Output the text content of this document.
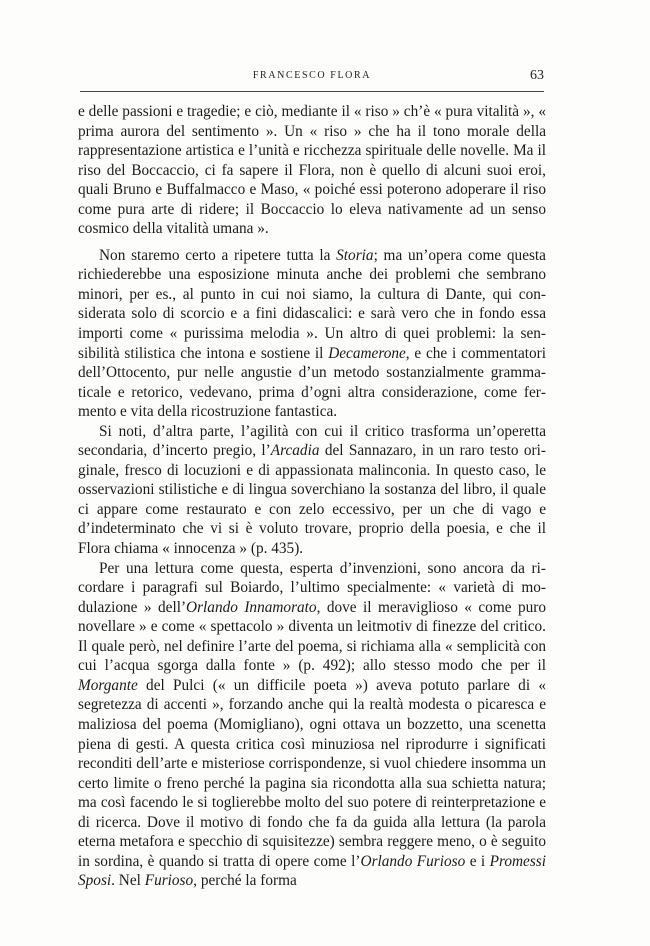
FRANCESCO FLORA	63

e delle passioni e tragedie; e ciò, mediante il « riso » ch’è « pura vitalità », « prima aurora del sentimento ». Un « riso » che ha il tono morale della rappresentazione artistica e l’unità e ricchezza spirituale delle novelle. Ma il riso del Boccaccio, ci fa sapere il Flora, non è quello di alcuni suoi eroi, quali Bruno e Buffalmacco e Maso, « poiché essi poterono adoperare il riso come pura arte di ridere; il Boccaccio lo eleva nativamente ad un senso cosmico della vitalità umana ».

Non staremo certo a ripetere tutta la Storia; ma un’opera come questa richiederebbe una esposizione minuta anche dei problemi che sembrano minori, per es., al punto in cui noi siamo, la cultura di Dante, qui considerata solo di scorcio e a fini didascalici: e sarà vero che in fondo essa importi come « purissima melodia ». Un altro di quei problemi: la sensibilità stilistica che intona e sostiene il Decamerone, e che i commentatori dell’Ottocento, pur nelle angustie d’un metodo sostanzialmente grammaticale e retorico, vedevano, prima d’ogni altra considerazione, come fermento e vita della ricostruzione fantastica.

Si noti, d’altra parte, l’agilità con cui il critico trasforma un’operetta secondaria, d’incerto pregio, l’Arcadia del Sannazaro, in un raro testo originale, fresco di locuzioni e di appassionata malinconia. In questo caso, le osservazioni stilistiche e di lingua soverchiano la sostanza del libro, il quale ci appare come restaurato e con zelo eccessivo, per un che di vago e d’indeterminato che vi si è voluto trovare, proprio della poesia, e che il Flora chiama « innocenza » (p. 435).

Per una lettura come questa, esperta d’invenzioni, sono ancora da ricordare i paragrafi sul Boiardo, l’ultimo specialmente: « varietà di modulazione » dell’Orlando Innamorato, dove il meraviglioso « come puro novellare » e come « spettacolo » diventa un leitmotiv di finezze del critico. Il quale però, nel definire l’arte del poema, si richiama alla « semplicità con cui l’acqua sgorga dalla fonte » (p. 492); allo stesso modo che per il Morgante del Pulci (« un difficile poeta ») aveva potuto parlare di « segretezza di accenti », forzando anche qui la realtà modesta o picaresca e maliziosa del poema (Momigliano), ogni ottava un bozzetto, una scenetta piena di gesti. A questa critica così minuziosa nel riprodurre i significati reconditi dell’arte e misteriose corrispondenze, si vuol chiedere insomma un certo limite o freno perché la pagina sia ricondotta alla sua schietta natura; ma così facendo le si toglierebbe molto del suo potere di reinterpretazione e di ricerca. Dove il motivo di fondo che fa da guida alla lettura (la parola eterna metafora e specchio di squisitezze) sembra reggere meno, o è seguito in sordina, è quando si tratta di opere come l’Orlando Furioso e i Promessi Sposi. Nel Furioso, perché la forma
